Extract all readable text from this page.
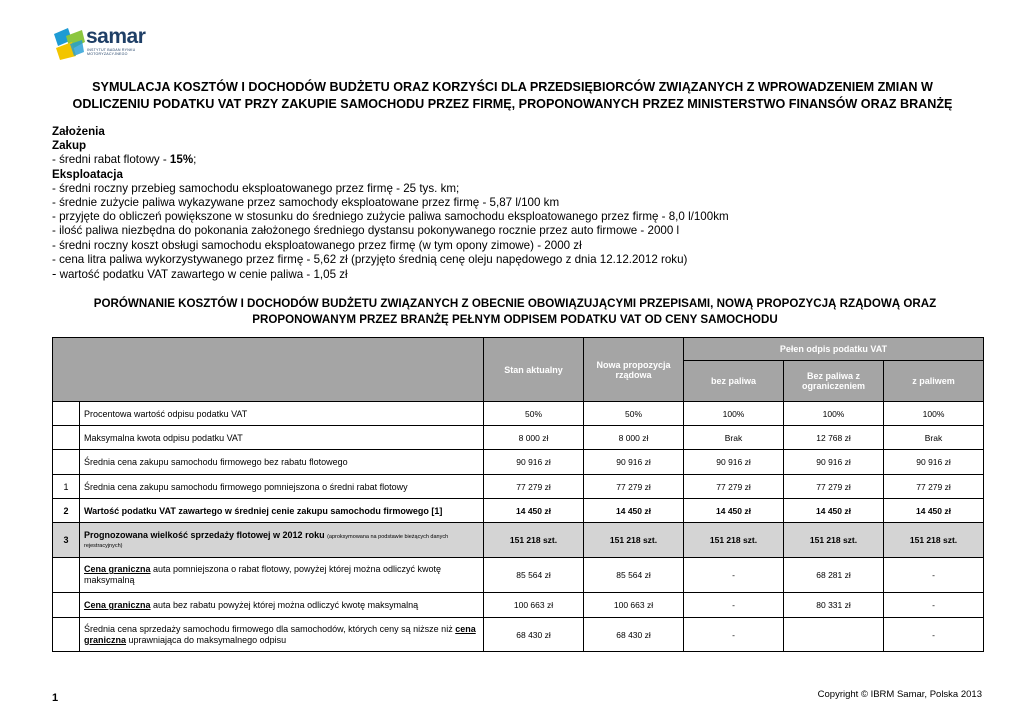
samar
INSTYTUT BADAN RYNKU MOTORYZACYJNEGO
SYMULACJA KOSZTÓW I DOCHODÓW BUDŻETU ORAZ KORZYŚCI DLA PRZEDSIĘBIORCÓW ZWIĄZANYCH Z WPROWADZENIEM ZMIAN W ODLICZENIU PODATKU VAT PRZY ZAKUPIE SAMOCHODU PRZEZ FIRMĘ, PROPONOWANYCH PRZEZ MINISTERSTWO FINANSÓW ORAZ BRANŻĘ
Założenia
Zakup
- średni rabat flotowy - 15%;
Eksploatacja
- średni roczny przebieg samochodu eksploatowanego przez firmę - 25 tys. km;
- średnie zużycie paliwa wykazywane przez samochody eksploatowane przez firmę - 5,87 l/100 km
- przyjęte do obliczeń powiększone w stosunku do średniego zużycie paliwa samochodu eksploatowanego przez firmę - 8,0 l/100km
- ilość paliwa niezbędna do pokonania założonego średniego dystansu pokonywanego rocznie przez auto firmowe - 2000 l
- średni roczny koszt obsługi samochodu eksploatowanego przez firmę (w tym opony zimowe) - 2000 zł
- cena litra paliwa wykorzystywanego przez firmę - 5,62 zł (przyjęto średnią cenę oleju napędowego z dnia 12.12.2012 roku)
- wartość podatku VAT zawartego w cenie paliwa - 1,05 zł
PORÓWNANIE KOSZTÓW I DOCHODÓW BUDŻETU ZWIĄZANYCH Z OBECNIE OBOWIĄZUJĄCYMI PRZEPISAMI, NOWĄ PROPOZYCJĄ RZĄDOWĄ ORAZ PROPONOWANYM PRZEZ BRANŻĘ PEŁNYM ODPISEM PODATKU VAT OD CENY SAMOCHODU
		Stan aktualny	Nowa propozycja rządowa	Pełen odpis podatku VAT		
				bez paliwa	Bez paliwa z ograniczeniem	z paliwem
	Procentowa wartość odpisu podatku VAT	50%	50%	100%	100%	100%
	Maksymalna kwota odpisu podatku VAT	8 000 zł	8 000 zł	Brak	12 768 zł	Brak
	Średnia cena zakupu samochodu firmowego bez rabatu flotowego	90 916 zł	90 916 zł	90 916 zł	90 916 zł	90 916 zł
1	Średnia cena zakupu samochodu firmowego pomniejszona o średni rabat flotowy	77 279 zł	77 279 zł	77 279 zł	77 279 zł	77 279 zł
2	Wartość podatku VAT zawartego w średniej cenie zakupu samochodu firmowego [1]	14 450 zł	14 450 zł	14 450 zł	14 450 zł	14 450 zł
3	Prognozowana wielkość sprzedaży flotowej w 2012 roku (aproksymowana na podstawie bieżących danych rejestracyjnych)	151 218 szt.	151 218 szt.	151 218 szt.	151 218 szt.	151 218 szt.
	Cena graniczna auta pomniejszona o rabat flotowy, powyżej której można odliczyć kwotę maksymalną	85 564 zł	85 564 zł	-	68 281 zł	-
	Cena graniczna auta bez rabatu powyżej której można odliczyć kwotę maksymalną	100 663 zł	100 663 zł	-	80 331 zł	-
	Średnia cena sprzedaży samochodu firmowego dla samochodów, których ceny są niższe niż cena graniczna uprawniająca do maksymalnego odpisu	68 430 zł	68 430 zł	-		-
1	Copyright © IBRM Samar, Polska 2013
